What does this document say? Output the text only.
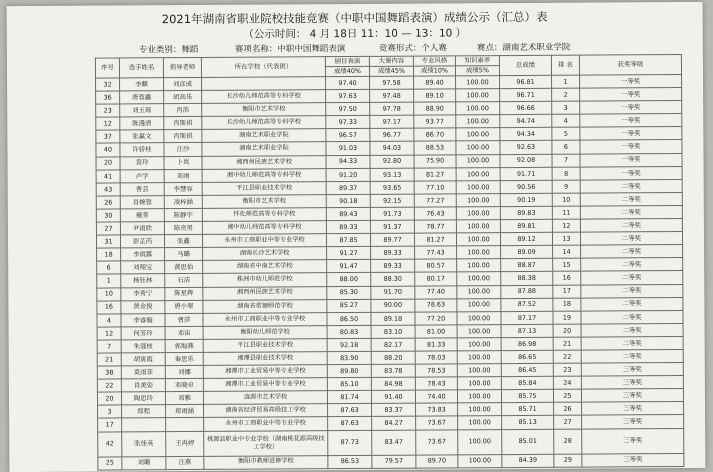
2021年湖南省职业院校技能竞赛（中职中国舞蹈表演）成绩公示（汇总）表
（公示时间： 4 月 18日 11：10 — 13：10 ）
专业类别：舞蹈	赛项名称：中职中国舞蹈表演	竞赛形式：个人赛	赛点：湖南艺术职业学院
序号	选手姓名	指导老师	所在学校（代表团）	剧目表演	大课内容	专业风格	知识素养	总成绩	排 名	获奖等级
				成绩40%	成绩45%	成绩10%	成绩5%			
32	李麒	刘彦成		97.40	97.58	89.40	100.00	96.81	1	一等奖
36	唐蓉鑫	胡高乐	长沙幼儿师范高等专科学校	97.63	97.48	89.10	100.00	96.71	2	一等奖
23	刘玉瑶	肖浩	衡阳市艺术学校	97.50	97.78	88.90	100.00	96.66	3	一等奖
12	陈漫清	肖斯祺	长沙幼儿师范高等专科学校	97.33	97.17	93.77	100.00	94.74	4	一等奖
37	张赢文	肖斯祺	湖南艺术职业学院	96.57	96.77	86.70	100.00	94.34	5	一等奖
40	许骄桂	汪沙	湖南艺术职业学院	91.03	94.03	88.53	100.00	92.63	6	一等奖
20	袁玲	卜岚	湘西州民族艺术学校	94.33	92.80	75.90	100.00	92.08	7	一等奖
41	卢学	邓雨	湘中幼儿师范高等专科学校	91.20	93.13	81.27	100.00	91.71	8	一等奖
43	曹芸	李慧容	平江县职业技术学校	89.37	93.65	77.10	100.00	90.56	9	二等奖
26	肖婉蓉	凌梓涵	衡阳市艺术学校	90.18	92.15	77.27	100.00	90.19	10	二等奖
30	戴菁	陈静宇	怀化师范高等专科学校	89.43	91.73	76.43	100.00	89.83	11	二等奖
27	尹雨欣	陈贲男	湘中幼儿师范高等专科学校	89.33	91.37	78.77	100.00	89.81	12	二等奖
31	彭芷芮	张鑫	永州市工商职业中等专业学校	87.85	89.77	81.27	100.00	89.12	13	二等奖
18	李雨露	马璐	湖南长沙艺术学校	91.27	89.33	77.43	100.00	89.09	14	二等奖
6	刘翔宝	黄思怡	湖南省中南艺术学校	91.47	89.33	80.57	100.00	88.87	15	二等奖
1	杨钰林	石洁	株洲市幼儿师范学校	88.00	88.30	80.17	100.00	88.38	16	二等奖
10	李秀宁	陈星辉	湘西州民族艺术学校	85.30	91.70	77.40	100.00	87.88	17	二等奖
16	黄金俊	唐小翠	湖南省常德师范学校	85.27	90.00	78.63	100.00	87.52	18	二等奖
4	李睿璇	曹萍	永州市工商职业中等专业学校	86.50	89.18	77.20	100.00	87.17	19	二等奖
12	何芳玲	邓宙	衡阳幼儿师范学校	80.83	83.10	81.00	100.00	87.13	20	二等奖
7	朱蔻枝	郭海燕	平江县职业技术学校	92.18	82.17	81.33	100.00	86.98	21	二等奖
21	胡寅霞	秦思乐	湘潭县职业技术学校	83.90	88.20	78.03	100.00	86.65	22	二等奖
38	莫雨菲	刘娜	湘潭市工业贸易中等专业学校	89.80	83.78	78.53	100.00	86.45	23	三等奖
22	肖美姿	邓晓卓	湘潭市工业贸易中等专业学校	85.10	84.98	78.43	100.00	85.84	24	三等奖
20	陶思玲	邓雅	涟源市艺术学校	81.74	91.40	74.40	100.00	85.75	25	三等奖
3	郑程	郑雨涵	湖南省经济贸易高级技工学校	87.63	83.37	73.83	100.00	85.71	26	三等奖
17			永州市工商职业中等专业学校	87.63	84.27	73.67	100.00	85.13	27	三等奖
42	张佳英	王冉婷	桃源县职业中专业学校（湖南桃花源高级技工学校）	87.73	83.47	73.67	100.00	85.01	28	三等奖
25	刘璐	汪燕	衡阳市教师进修学校	86.53	79.57	89.70	100.00	84.39	29	三等奖
